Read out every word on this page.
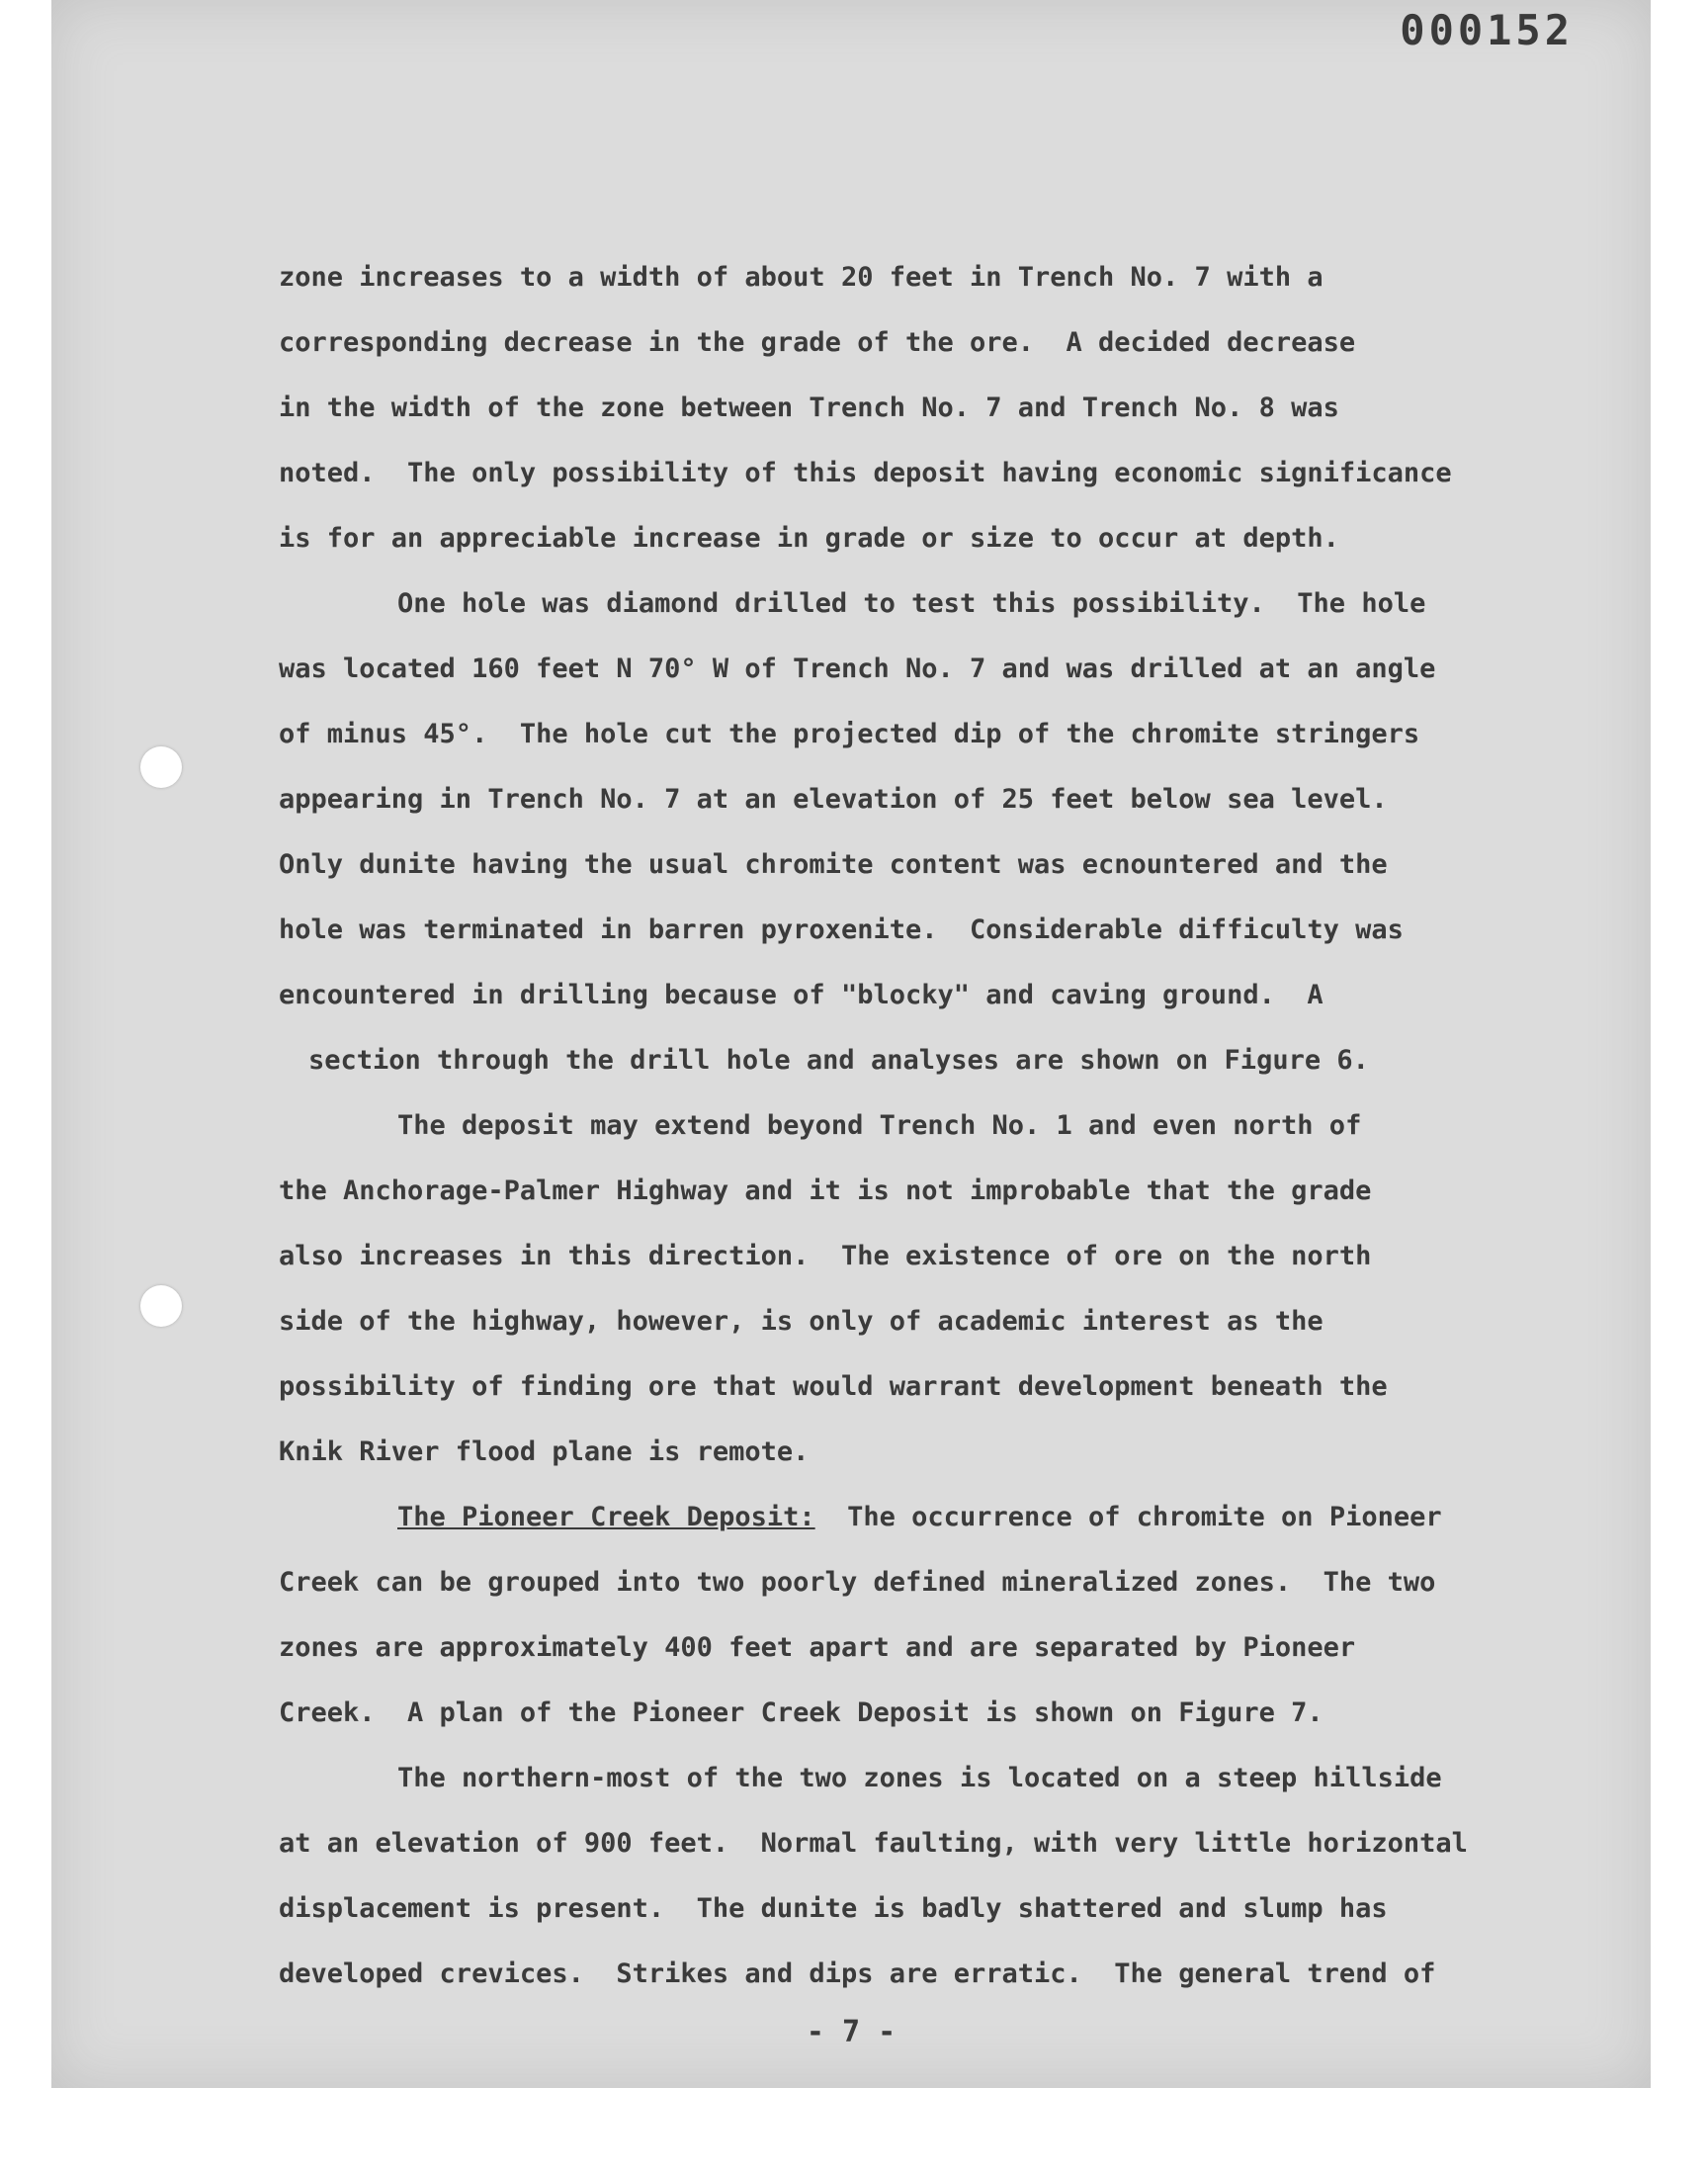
000152
zone increases to a width of about 20 feet in Trench No. 7 with a
corresponding decrease in the grade of the ore.  A decided decrease
in the width of the zone between Trench No. 7 and Trench No. 8 was
noted.  The only possibility of this deposit having economic significance
is for an appreciable increase in grade or size to occur at depth.
One hole was diamond drilled to test this possibility.  The hole
was located 160 feet N 70° W of Trench No. 7 and was drilled at an angle
of minus 45°.  The hole cut the projected dip of the chromite stringers
appearing in Trench No. 7 at an elevation of 25 feet below sea level.
Only dunite having the usual chromite content was ecnountered and the
hole was terminated in barren pyroxenite.  Considerable difficulty was
encountered in drilling because of "blocky" and caving ground.  A
section through the drill hole and analyses are shown on Figure 6.
The deposit may extend beyond Trench No. 1 and even north of
the Anchorage-Palmer Highway and it is not improbable that the grade
also increases in this direction.  The existence of ore on the north
side of the highway, however, is only of academic interest as the
possibility of finding ore that would warrant development beneath the
Knik River flood plane is remote.
The Pioneer Creek Deposit:  The occurrence of chromite on Pioneer
Creek can be grouped into two poorly defined mineralized zones.  The two
zones are approximately 400 feet apart and are separated by Pioneer
Creek.  A plan of the Pioneer Creek Deposit is shown on Figure 7.
The northern-most of the two zones is located on a steep hillside
at an elevation of 900 feet.  Normal faulting, with very little horizontal
displacement is present.  The dunite is badly shattered and slump has
developed crevices.  Strikes and dips are erratic.  The general trend of
- 7 -
